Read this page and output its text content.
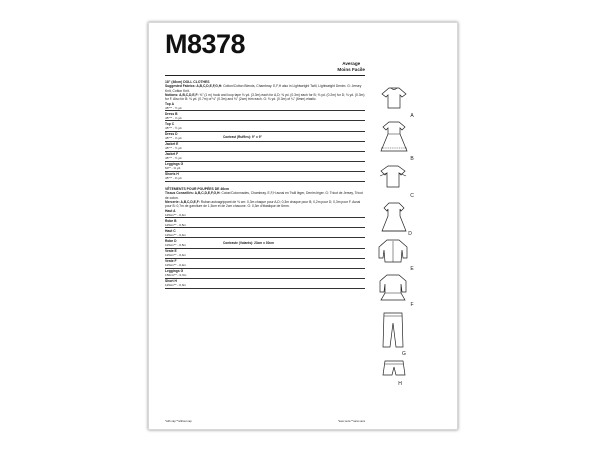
M8378
Average
Moins Facile
18" (46cm) DOLL CLOTHES
Suggested Fabrics: A,B,C,D,E,F,G,H: Cotton/Cotton Blends, Chambray. E,F,H also in Lightweight Twill, Lightweight Denim. G: Jersey Knit, Cotton Knit.
Notions: A,B,C,D,E,F: ⅜" (1 m) hook and loop tape ⅛ yd. (3.3m) each for A,D; ⅜ yd. (0.3m) each for B; ⅜ yd. (0.2m) for D; ⅛ yd. (0.3m) for F. Also for B: ⅜ yd. (0.7m) of ⅛" (0.3m) and ⅜" (2cm) trim each. G: ⅜ yd. (0.3m) of ¼" (6mm) elastic.
Top A
45"** - ½ yd.
Dress B
45"** - ⅝ yd.
Top C
45"** - ½ yd.
Dress D
45"** - ⅝ yd.	Contrast (Ruffles): 9" x 9"
Jacket E
45"** - ½ yd.
Jacket F
45"** - ½ yd.
Leggings G
60"* - ⅜ yd.
Shorts H
45"** - ⅜ yd.
VÊTEMENTS POUR POUPÉES DE 46cm
Tissus Conseillés: A,B,C,D,E,F,G,H: Coton/Cotonnades, Chambray. E,F,H aussi en Twill léger, Denim léger. G: Tricot de Jersey, Tricot de coton.
Mercerie: A,B,C,D,E,F: Ruban autoagrippant de ⅜ cm: 0,3m chaque pour A,D; 0,3m chaque pour B; 0,2m pour D; 0,3m pour F. Aussi pour B: 0,7m de garniture de 1,5cm et de 2cm chacune. G: 0,3m d'élastique de 6mm.
Haut A
115cm** - 0,4m
Robe B
115cm** - 0,5m
Haut C
115cm** - 0,4m
Robe D
115cm** - 0,5m	Contraste (Volants): 23cm x 30cm
Veste E
115cm** - 0,4m
Veste F
115cm** - 0,4m
Leggings G
150cm** - 0,3m
Short H
115cm** - 0,3m
*with nap **without nap	*avec sens **sans sens
A
B
C
D
E
F
G
H
